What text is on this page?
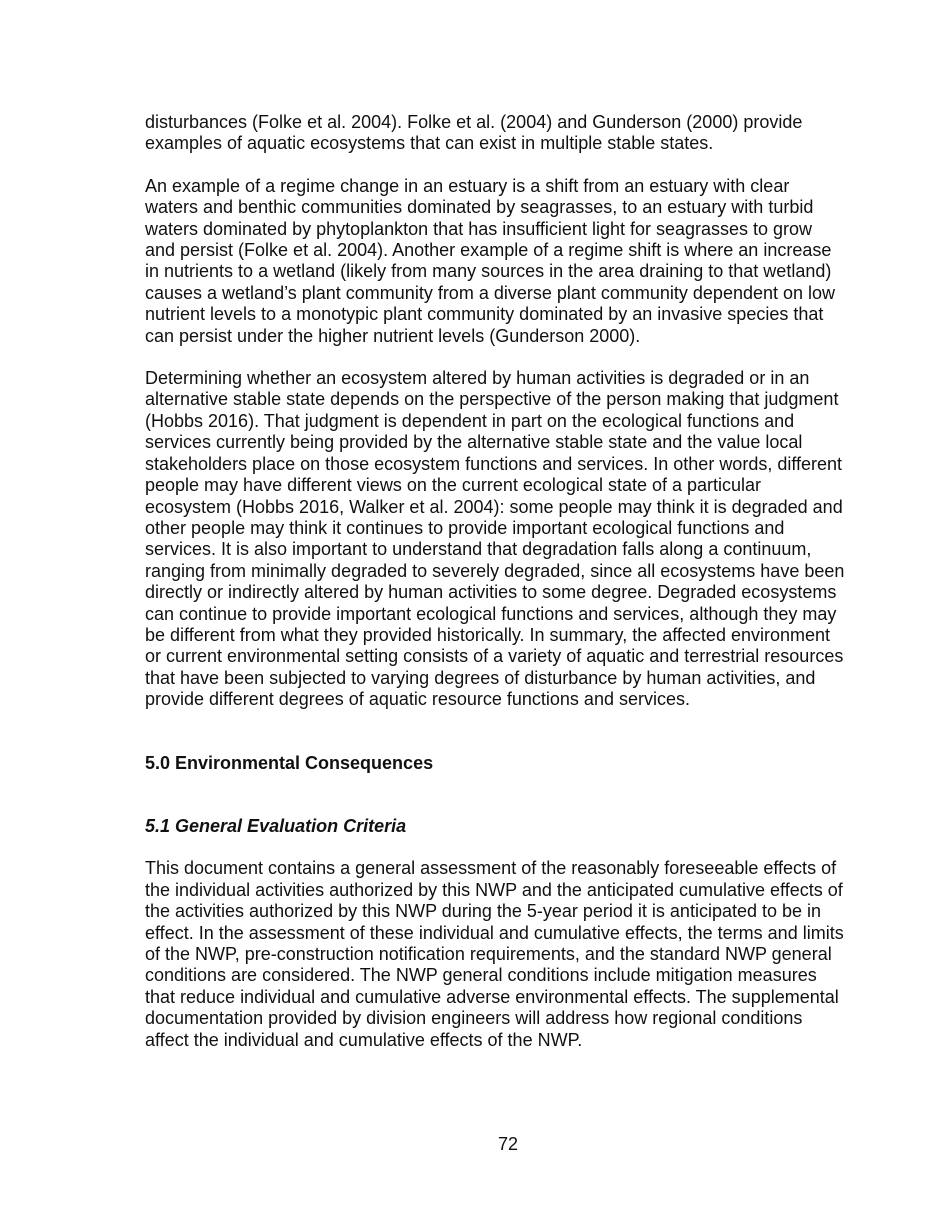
disturbances (Folke et al. 2004). Folke et al. (2004) and Gunderson (2000) provide examples of aquatic ecosystems that can exist in multiple stable states.

An example of a regime change in an estuary is a shift from an estuary with clear waters and benthic communities dominated by seagrasses, to an estuary with turbid waters dominated by phytoplankton that has insufficient light for seagrasses to grow and persist (Folke et al. 2004). Another example of a regime shift is where an increase in nutrients to a wetland (likely from many sources in the area draining to that wetland) causes a wetland’s plant community from a diverse plant community dependent on low nutrient levels to a monotypic plant community dominated by an invasive species that can persist under the higher nutrient levels (Gunderson 2000).

Determining whether an ecosystem altered by human activities is degraded or in an alternative stable state depends on the perspective of the person making that judgment (Hobbs 2016). That judgment is dependent in part on the ecological functions and services currently being provided by the alternative stable state and the value local stakeholders place on those ecosystem functions and services. In other words, different people may have different views on the current ecological state of a particular ecosystem (Hobbs 2016, Walker et al. 2004): some people may think it is degraded and other people may think it continues to provide important ecological functions and services. It is also important to understand that degradation falls along a continuum, ranging from minimally degraded to severely degraded, since all ecosystems have been directly or indirectly altered by human activities to some degree. Degraded ecosystems can continue to provide important ecological functions and services, although they may be different from what they provided historically. In summary, the affected environment or current environmental setting consists of a variety of aquatic and terrestrial resources that have been subjected to varying degrees of disturbance by human activities, and provide different degrees of aquatic resource functions and services.

5.0 Environmental Consequences
5.1 General Evaluation Criteria

This document contains a general assessment of the reasonably foreseeable effects of the individual activities authorized by this NWP and the anticipated cumulative effects of the activities authorized by this NWP during the 5-year period it is anticipated to be in effect. In the assessment of these individual and cumulative effects, the terms and limits of the NWP, pre-construction notification requirements, and the standard NWP general conditions are considered. The NWP general conditions include mitigation measures that reduce individual and cumulative adverse environmental effects. The supplemental documentation provided by division engineers will address how regional conditions affect the individual and cumulative effects of the NWP.

72
